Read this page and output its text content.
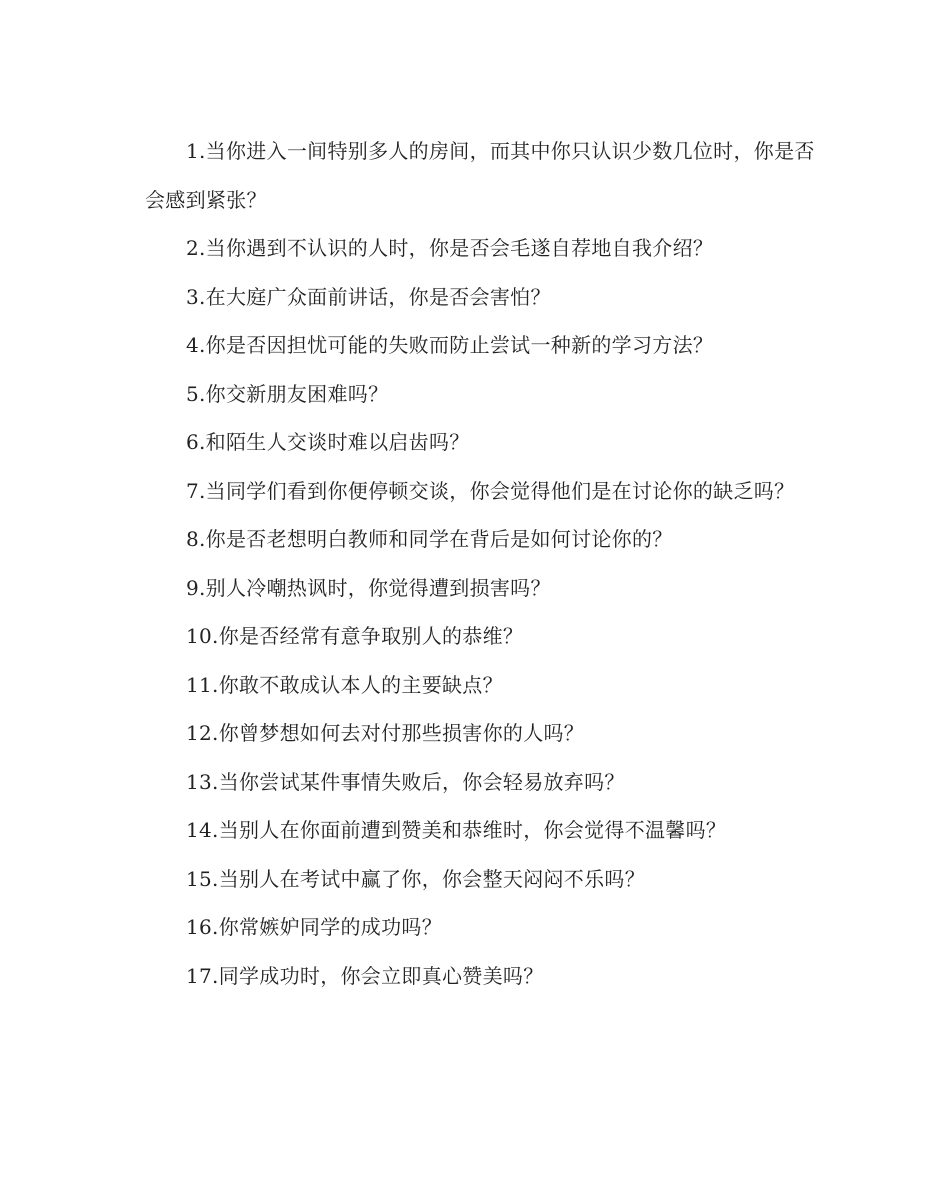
1.当你进入一间特别多人的房间，而其中你只认识少数几位时，你是否会感到紧张？

2.当你遇到不认识的人时，你是否会毛遂自荐地自我介绍？

3.在大庭广众面前讲话，你是否会害怕？

4.你是否因担忧可能的失败而防止尝试一种新的学习方法？

5.你交新朋友困难吗？

6.和陌生人交谈时难以启齿吗？

7.当同学们看到你便停顿交谈，你会觉得他们是在讨论你的缺乏吗？

8.你是否老想明白教师和同学在背后是如何讨论你的？

9.别人冷嘲热讽时，你觉得遭到损害吗？

10.你是否经常有意争取别人的恭维？

11.你敢不敢成认本人的主要缺点？

12.你曾梦想如何去对付那些损害你的人吗？

13.当你尝试某件事情失败后，你会轻易放弃吗？

14.当别人在你面前遭到赞美和恭维时，你会觉得不温馨吗？

15.当别人在考试中赢了你，你会整天闷闷不乐吗？

16.你常嫉妒同学的成功吗？

17.同学成功时，你会立即真心赞美吗？
